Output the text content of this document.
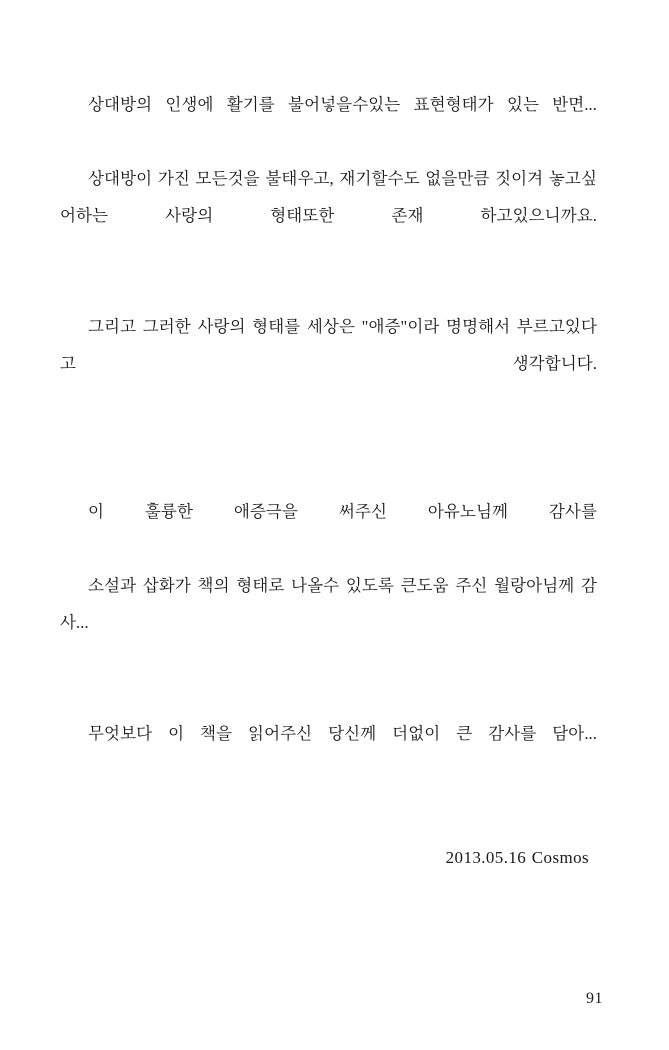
상대방의 인생에 활기를 불어넣을수있는 표현형태가 있는 반면...

상대방이 가진 모든것을 불태우고, 재기할수도 없을만큼 짓이겨 놓고싶어하는 사랑의 형태또한 존재 하고있으니까요.

그리고 그러한 사랑의 형태를 세상은 "애증"이라 명명해서 부르고있다고 생각합니다.

이 훌륭한 애증극을 써주신 아유노님께 감사를

소설과 삽화가 책의 형태로 나올수 있도록 큰도움 주신 월랑아님께 감사...

무엇보다 이 책을 읽어주신 당신께 더없이 큰 감사를 담아...

2013.05.16 Cosmos
91
